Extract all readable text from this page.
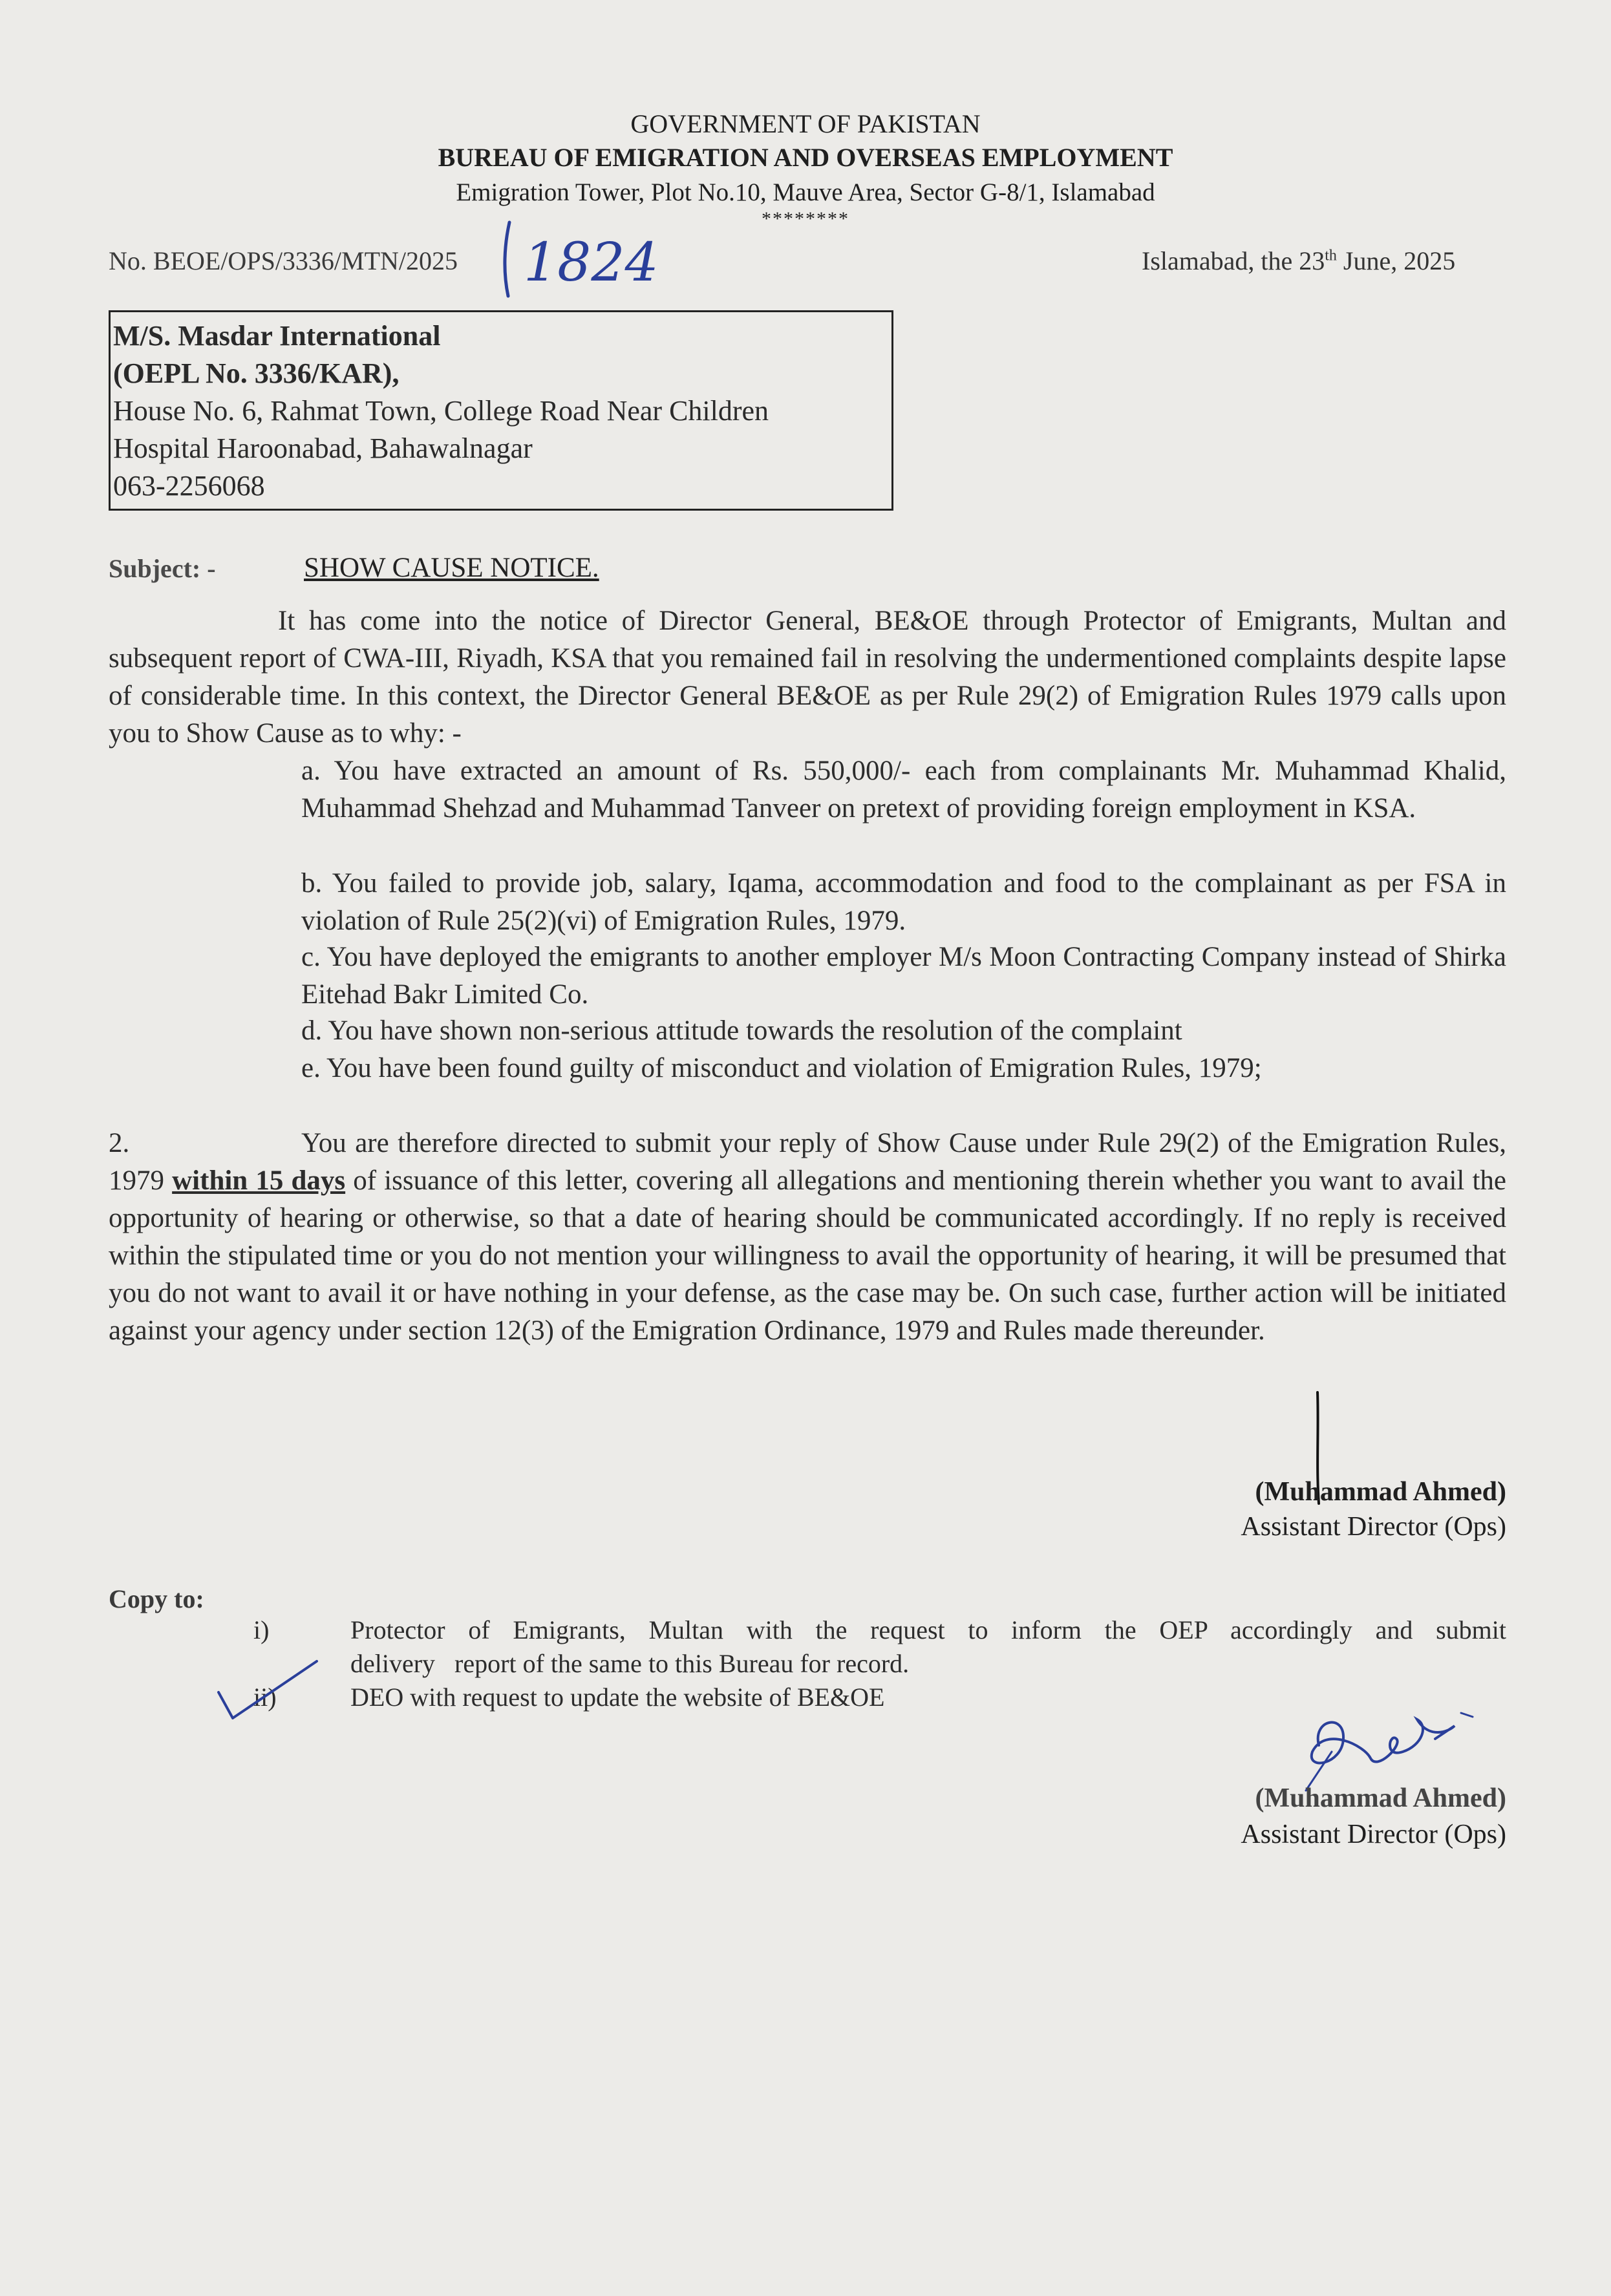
GOVERNMENT OF PAKISTAN
BUREAU OF EMIGRATION AND OVERSEAS EMPLOYMENT
Emigration Tower, Plot No.10, Mauve Area, Sector G-8/1, Islamabad
********
No. BEOE/OPS/3336/MTN/2025 1824	Islamabad, the 23th June, 2025
M/S. Masdar International
(OEPL No. 3336/KAR),
House No. 6, Rahmat Town, College Road Near Children
Hospital Haroonabad, Bahawalnagar
063-2256068
Subject: -	SHOW CAUSE NOTICE.
It has come into the notice of Director General, BE&OE through Protector of Emigrants, Multan and subsequent report of CWA-III, Riyadh, KSA that you remained fail in resolving the undermentioned complaints despite lapse of considerable time. In this context, the Director General BE&OE as per Rule 29(2) of Emigration Rules 1979 calls upon you to Show Cause as to why: -
a. You have extracted an amount of Rs. 550,000/- each from complainants Mr. Muhammad Khalid, Muhammad Shehzad and Muhammad Tanveer on pretext of providing foreign employment in KSA.
b. You failed to provide job, salary, Iqama, accommodation and food to the complainant as per FSA in violation of Rule 25(2)(vi) of Emigration Rules, 1979.
c. You have deployed the emigrants to another employer M/s Moon Contracting Company instead of Shirka Eitehad Bakr Limited Co.
d. You have shown non-serious attitude towards the resolution of the complaint
e. You have been found guilty of misconduct and violation of Emigration Rules, 1979;
2.	You are therefore directed to submit your reply of Show Cause under Rule 29(2) of the Emigration Rules, 1979 within 15 days of issuance of this letter, covering all allegations and mentioning therein whether you want to avail the opportunity of hearing or otherwise, so that a date of hearing should be communicated accordingly. If no reply is received within the stipulated time or you do not mention your willingness to avail the opportunity of hearing, it will be presumed that you do not want to avail it or have nothing in your defense, as the case may be. On such case, further action will be initiated against your agency under section 12(3) of the Emigration Ordinance, 1979 and Rules made thereunder.
(Muhammad Ahmed)
Assistant Director (Ops)
Copy to:
i)	Protector of Emigrants, Multan with the request to inform the OEP accordingly and submit
delivery   report of the same to this Bureau for record.
ii)	DEO with request to update the website of BE&OE
(Muhammad Ahmed)
Assistant Director (Ops)
